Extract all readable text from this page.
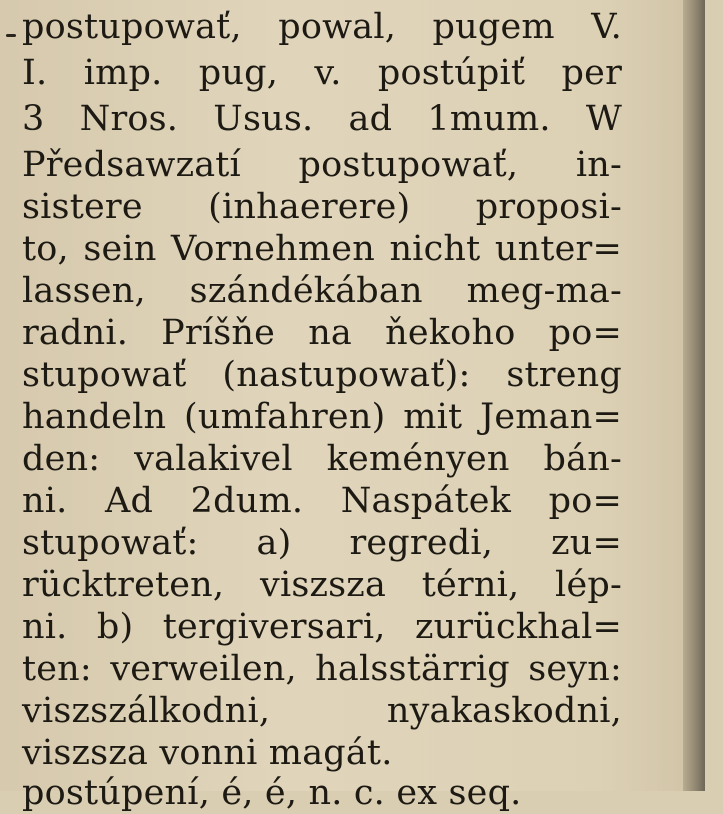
postupowať, powal, pugem V.
I. imp. pug, v. postúpiť per
3 Nros. Usus. ad 1mum. W
Předsawzatí postupowať, in-
sistere (inhaerere) proposi-
to, sein Vornehmen nicht unter=
lassen, szándékában meg-ma-
radni. Príšňe na ňekoho po=
stupowať (nastupowať): streng
handeln (umfahren) mit Jeman=
den: valakivel keményen bán-
ni. Ad 2dum. Naspátek po=
stupowať: a) regredi, zu=
rücktreten, viszsza térni, lép-
ni. b) tergiversari, zurückhal=
ten: verweilen, halsstärrig seyn:
viszszálkodni, nyakaskodni,
viszsza vonni magát.
postúpení, é, é, n. c. ex seq.
